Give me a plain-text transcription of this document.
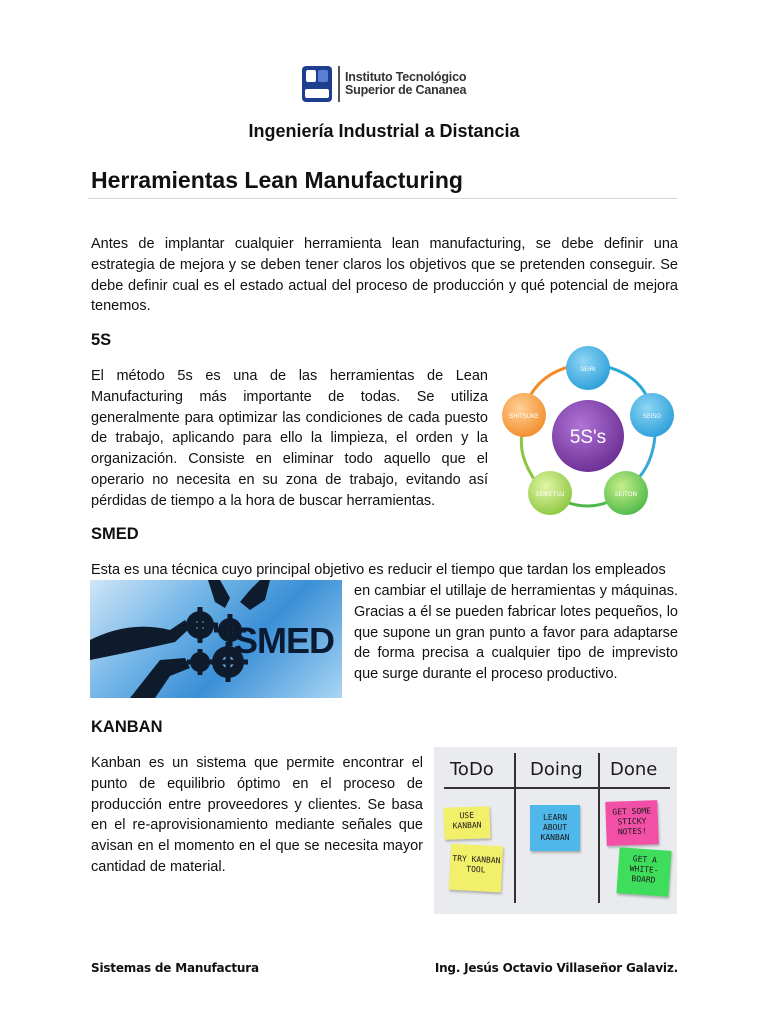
Instituto Tecnológico
Superior de Cananea
Ingeniería Industrial a Distancia
Herramientas Lean Manufacturing

Antes de implantar cualquier herramienta lean manufacturing, se debe definir una estrategia de mejora y se deben tener claros los objetivos que se pretenden conseguir. Se debe definir cual es el estado actual del proceso de producción y qué potencial de mejora tenemos.

5S

El método 5s es una de las herramientas de Lean Manufacturing más importante de todas. Se utiliza generalmente para optimizar las condiciones de cada puesto de trabajo, aplicando para ello la limpieza, el orden y la organización. Consiste en eliminar todo aquello que el operario no necesita en su zona de trabajo, evitando así pérdidas de tiempo a la hora de buscar herramientas.

5S's
SEIRI
SEISO
SEITON
SEIKETSU
SHITSUKE
SMED

Esta es una técnica cuyo principal objetivo es reducir el tiempo que tardan los empleados

en cambiar el utillaje de herramientas y máquinas. Gracias a él se pueden fabricar lotes pequeños, lo que supone un gran punto a favor para adaptarse de forma precisa a cualquier tipo de imprevisto que surge durante el proceso productivo.

SMED
KANBAN

Kanban es un sistema que permite encontrar el punto de equilibrio óptimo en el proceso de producción entre proveedores y clientes. Se basa en el re-aprovisionamiento mediante señales que avisan en el momento en el que se necesita mayor cantidad de material.

ToDo Doing Done
USE KANBAN
TRY KANBAN TOOL
LEARN ABOUT KANBAN
GET SOME STICKY NOTES!
GET A WHITE-BOARD
Sistemas de Manufactura	Ing. Jesús Octavio Villaseñor Galaviz.
